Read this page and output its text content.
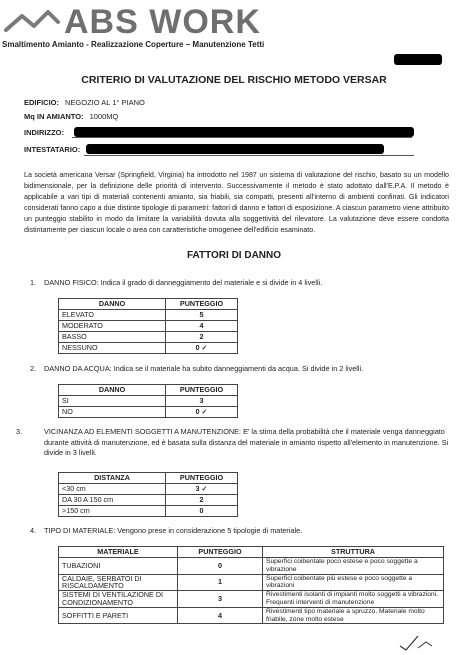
ABS WORK
Smaltimento Amianto - Realizzazione Coperture – Manutenzione Tetti
CRITERIO DI VALUTAZIONE DEL RISCHIO METODO VERSAR
EDIFICIO: NEGOZIO AL 1° PIANO
Mq IN AMIANTO: 1000MQ
INDIRIZZO:
INTESTATARIO:
La società americana Versar (Springfield, Virginia) ha introdotto nel 1987 un sistema di valutazione del rischio, basato su un modello bidimensionale, per la definizione delle priorità di intervento. Successivamente il metodo è stato adottato dall'E.P.A. Il metodo è applicabile a vari tipi di materiali contenenti amianto, sia friabili, sia compatti, presenti all'interno di ambienti confinati. Gli indicatori considerati fanno capo a due distinte tipologie di parametri: fattori di danno e fattori di esposizione. A ciascun parametro viene attribuito un punteggio stabilito in modo da limitare la variabilità dovuta alla soggettività del rilevatore. La valutazione deve essere condotta distintamente per ciascun locale o area con caratteristiche omogenee dell'edificio esaminato.
FATTORI DI DANNO
1. DANNO FISICO: Indica il grado di danneggiamento del materiale e si divide in 4 livelli.
DANNO	PUNTEGGIO
ELEVATO	5
MODERATO	4
BASSO	2
NESSUNO	0 ✓
2. DANNO DA ACQUA: Indica se il materiale ha subito danneggiamenti da acqua. Si divide in 2 livelli.
DANNO	PUNTEGGIO
SI	3
NO	0 ✓
3.	VICINANZA AD ELEMENTI SOGGETTI A MANUTENZIONE: E' la stima della probabilità che il materiale venga danneggiato durante attività di manutenzione, ed è basata sulla distanza del materiale in amianto rispetto all'elemento in manutenzione. Si divide in 3 livelli.
DISTANZA	PUNTEGGIO
<30 cm	3 ✓
DA 30 A 150 cm	2
>150 cm	0
4. TIPO DI MATERIALE: Vengono prese in considerazione 5 tipologie di materiale.
MATERIALE	PUNTEGGIO	STRUTTURA
TUBAZIONI	0	Superfici coibentate poco estese e poco soggette a vibrazione
CALDAIE, SERBATOI DI RISCALDAMENTO	1	Superfici coibentate più estese e poco soggette a vibrazioni
SISTEMI DI VENTILAZIONE DI CONDIZIONAMENTO	3	Rivestimenti isolanti di impianti molto soggetti a vibrazioni. Frequenti interventi di manutenzione
SOFFITTI E PARETI	4	Rivestimenti tipo materiale a spruzzo. Materiale molto friabile, zone molto estese
